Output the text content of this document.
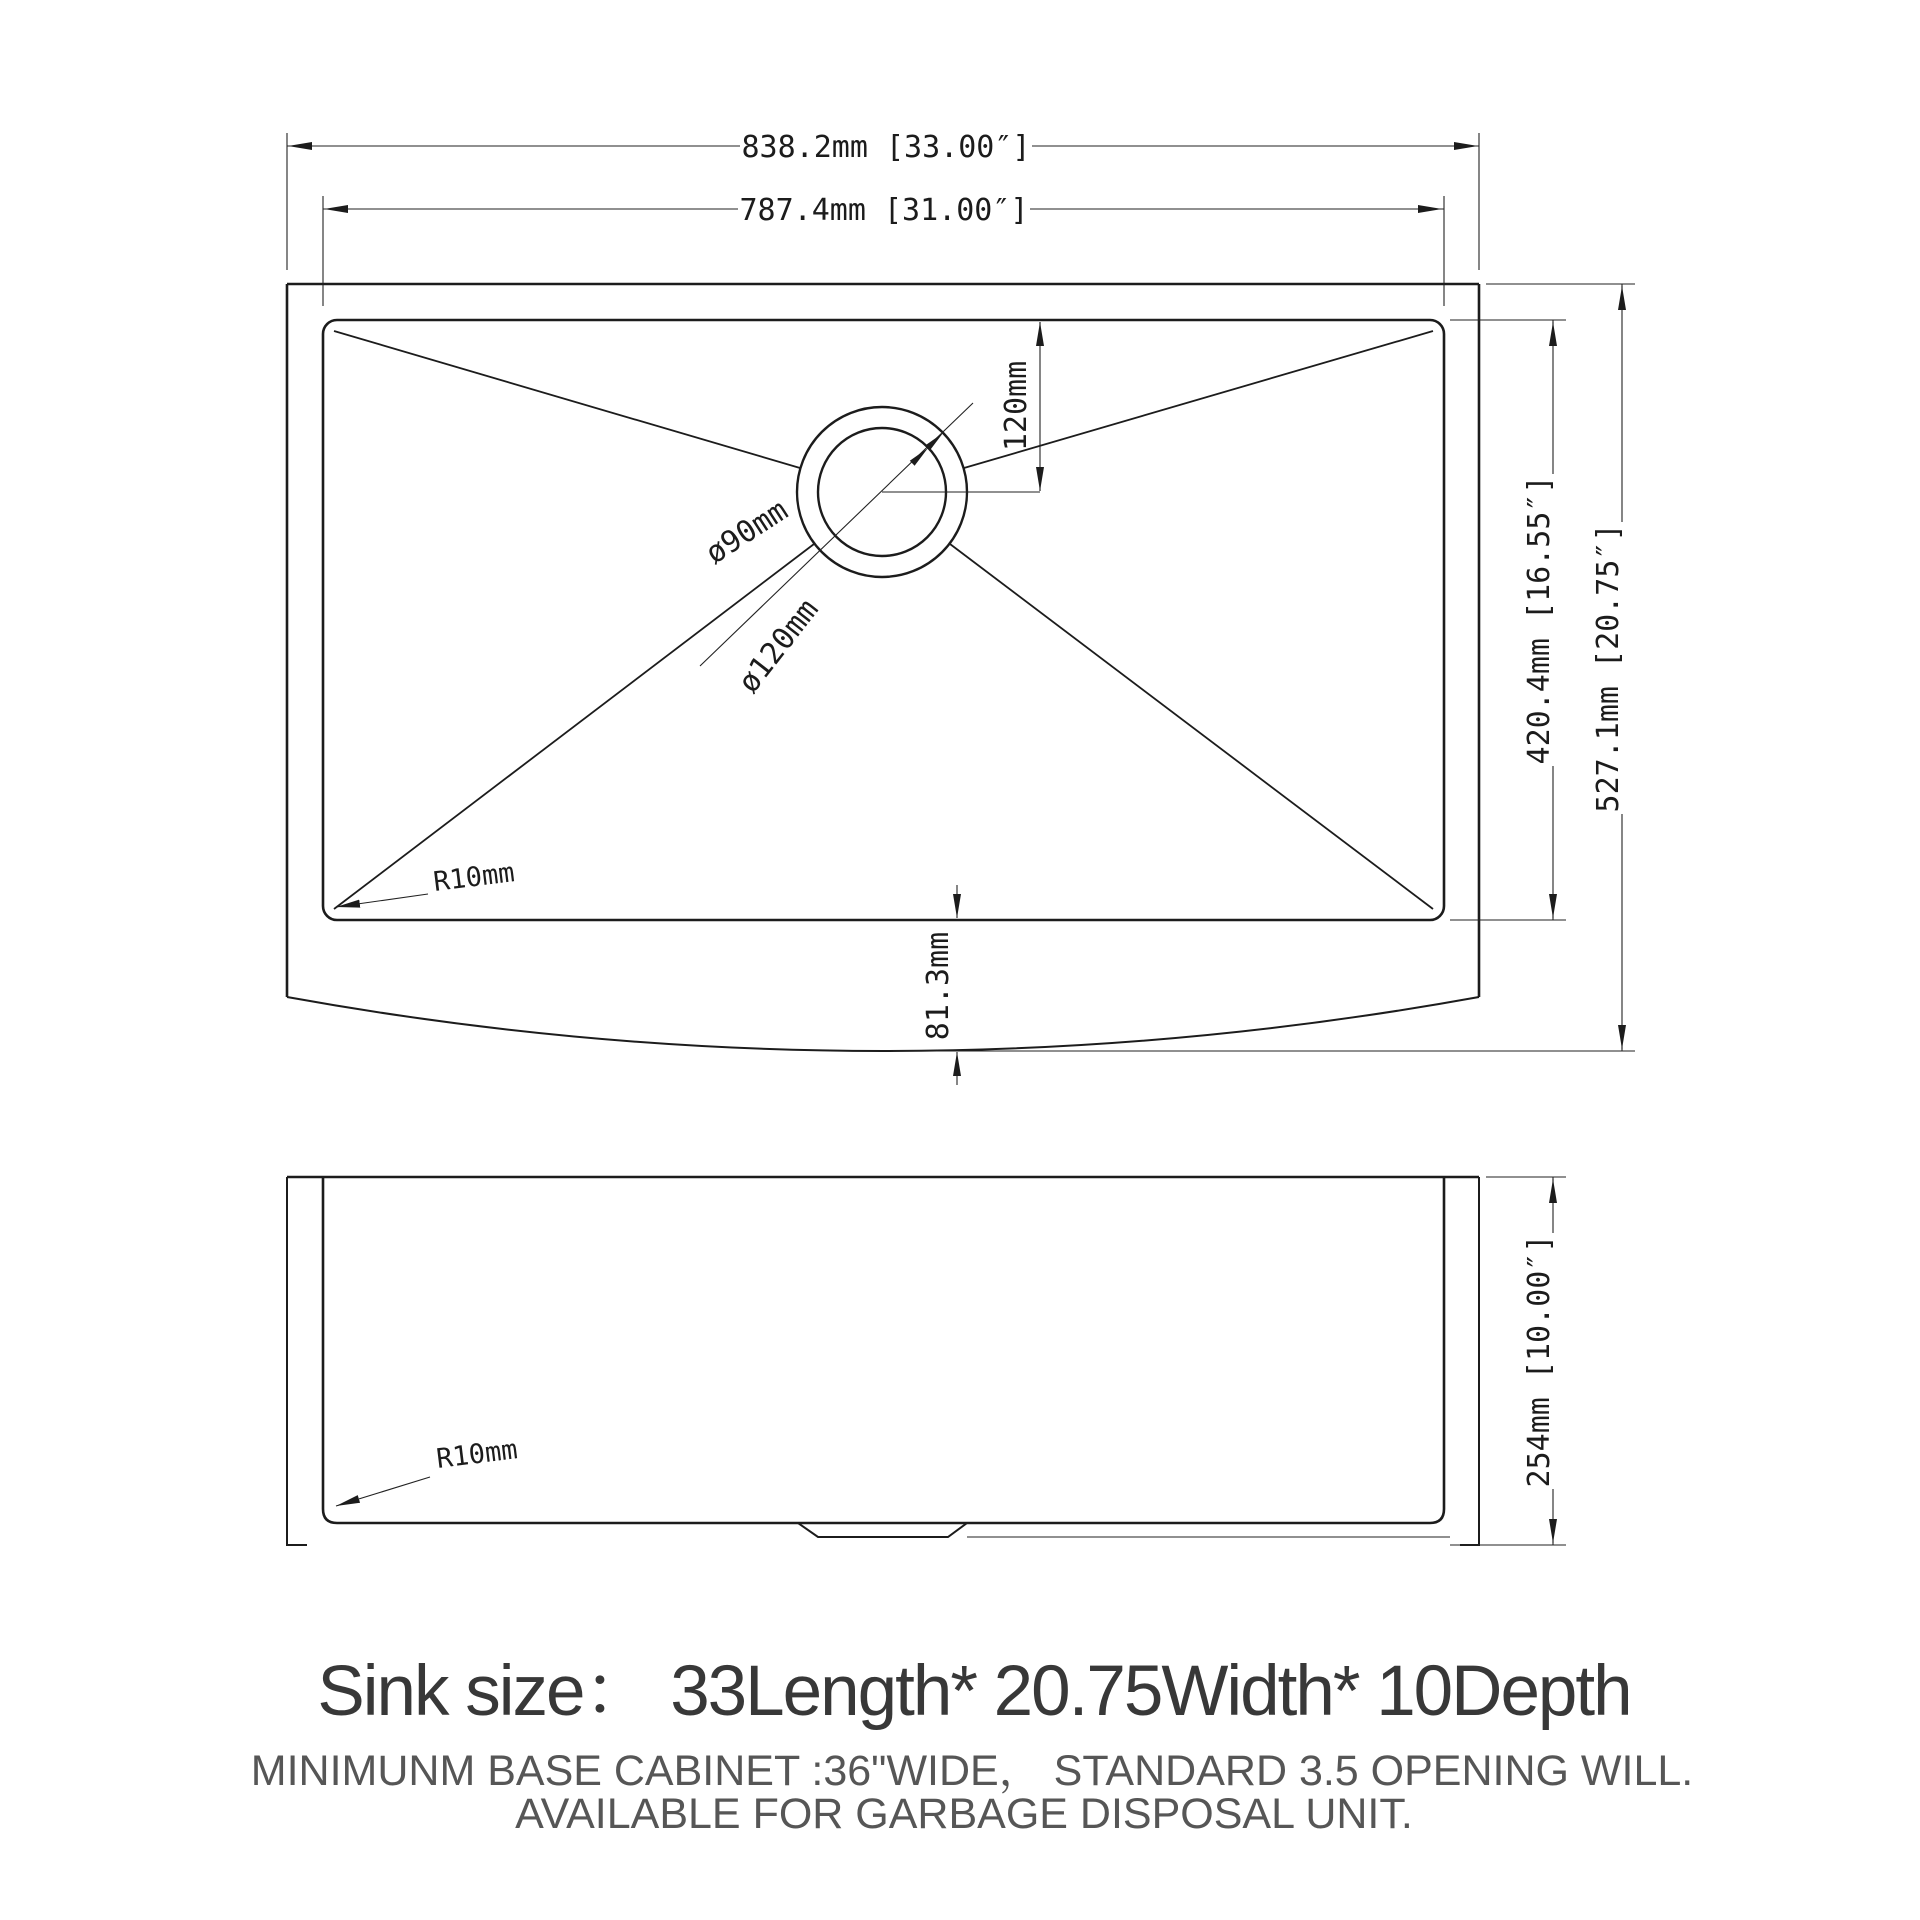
ø90mm
ø120mm
120mm
838.2mm [33.00″]
787.4mm [31.00″]
420.4mm [16.55″] 527.1mm [20.75″]
81.3mm
R10mm
R10mm	254mm [10.00″]
Sink size： 33Length* 20.75Width* 10Depth
MINIMUNM BASE CABINET :36"WIDE， STANDARD 3.5 OPENING WILL.
AVAILABLE FOR GARBAGE DISPOSAL UNIT.
